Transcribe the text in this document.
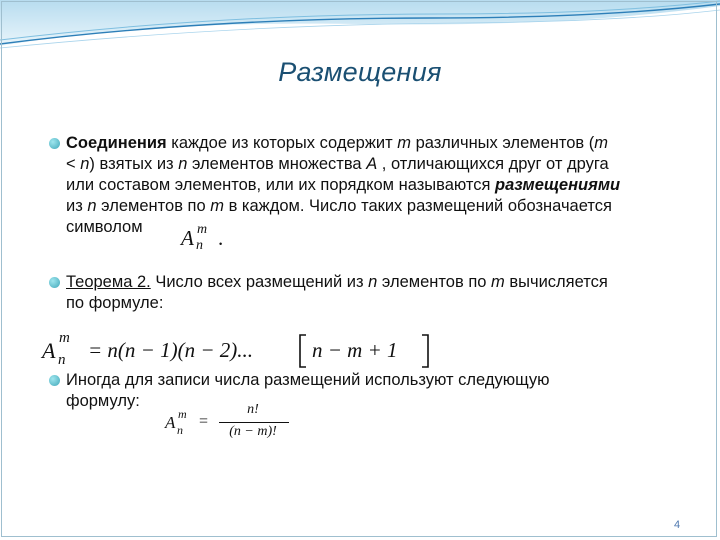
Размещения
Соединения каждое из которых содержит m различных элементов (m
< n) взятых из n элементов множества A , отличающихся друг от друга
или составом элементов, или их порядком называются размещениями
из n элементов по m в каждом. Число таких размещений обозначается
символом	A m
n .
Теорема 2. Число всех размещений из n элементов по m вычисляется
по формуле:
A m
n = n(n − 1)(n − 2)...	n − m + 1
Иногда для записи числа размещений используют следующую
формулу:
A m
n =
n!
(n − m)!
4
